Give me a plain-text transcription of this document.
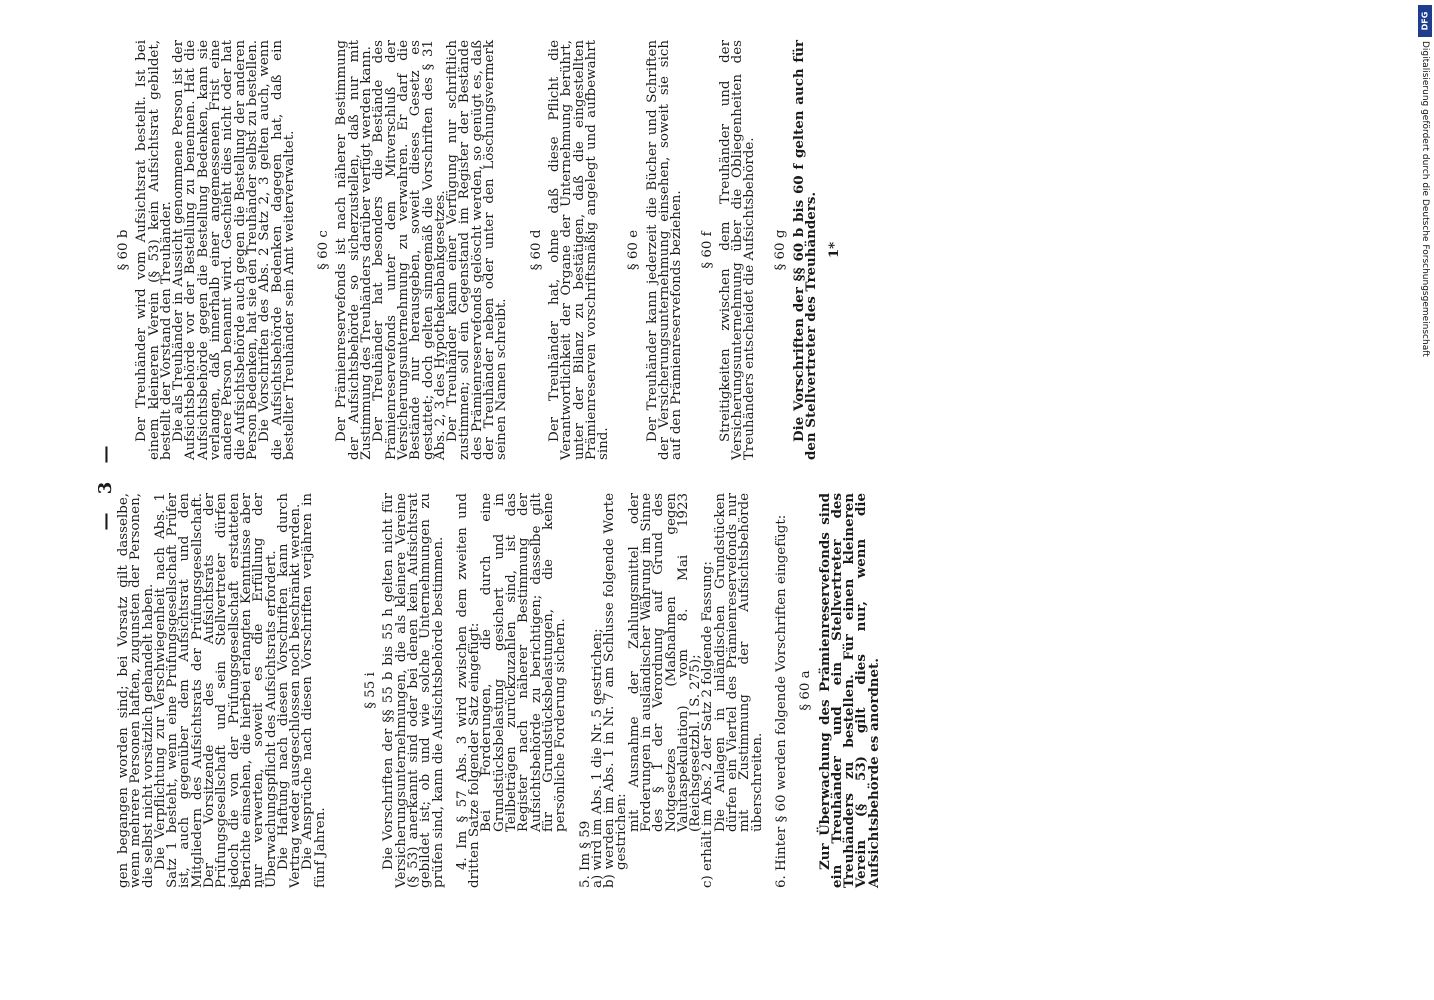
— 3 —

gen begangen worden sind; bei Vorsatz gilt dasselbe, wenn mehrere Personen haften, zugunsten der Personen, die selbst nicht vorsätzlich gehandelt haben.

Die Verpflichtung zur Verschwiegenheit nach Abs. 1 Satz 1 besteht, wenn eine Prüfungsgesellschaft Prüfer ist, auch gegenüber dem Aufsichtsrat und den Mitgliedern des Aufsichtsrats der Prüfungsgesellschaft. Der Vorsitzende des Aufsichtsrats der Prüfungsgesellschaft und sein Stellvertreter dürfen jedoch die von der Prüfungsgesellschaft erstatteten Berichte einsehen, die hierbei erlangten Kenntnisse aber nur verwerten, soweit es die Erfüllung der Überwachungspflicht des Aufsichtsrats erfordert.

Die Haftung nach diesen Vorschriften kann durch Vertrag weder ausgeschlossen noch beschränkt werden.

Die Ansprüche nach diesen Vorschriften verjähren in fünf Jahren.

§ 55 i Die Vorschriften der §§ 55 b bis 55 h gelten nicht für Versicherungsunternehmungen, die als kleinere Vereine (§ 53) anerkannt sind oder bei denen kein Aufsichtsrat gebildet ist; ob und wie solche Unternehmungen zu prüfen sind, kann die Aufsichtsbehörde bestimmen. 4. Im § 57 Abs. 3 wird zwischen dem zweiten und dritten Satze folgender Satz eingefügt:

Bei Forderungen, die durch eine Grundstücksbelastung gesichert und in Teilbeträgen zurückzuzahlen sind, ist das Register nach näherer Bestimmung der Aufsichtsbehörde zu berichtigen; dasselbe gilt für Grundstücksbelastungen, die keine persönliche Forderung sichern.

5. Im § 59

a) wird im Abs. 1 die Nr. 5 gestrichen;

b) werden im Abs. 1 in Nr. 7 am Schlusse folgende Worte gestrichen:

mit Ausnahme der Zahlungsmittel oder Forderungen in ausländischer Währung im Sinne des § 1 der Verordnung auf Grund des Notgesetzes (Maßnahmen gegen Valutaspekulation) vom 8. Mai 1923 (Reichsgesetzbl. I S. 275);

c) erhält im Abs. 2 der Satz 2 folgende Fassung:

Die Anlagen in inländischen Grundstücken dürfen ein Viertel des Prämienreservefonds nur mit Zustimmung der Aufsichtsbehörde überschreiten. 6. Hinter § 60 werden folgende Vorschriften eingefügt: § 60 a Zur Überwachung des Prämienreservefonds sind ein Treuhänder und ein Stellvertreter des Treuhänders zu bestellen. Für einen kleineren Verein (§ 53) gilt dies nur, wenn die Aufsichtsbehörde es anordnet.

§ 60 b Der Treuhänder wird vom Aufsichtsrat bestellt. Ist bei einem kleineren Verein (§ 53) kein Aufsichtsrat gebildet, bestellt der Vorstand den Treuhänder.

Die als Treuhänder in Aussicht genommene Person ist der Aufsichtsbehörde vor der Bestellung zu benennen. Hat die Aufsichtsbehörde gegen die Bestellung Bedenken, kann sie verlangen, daß innerhalb einer angemessenen Frist eine andere Person benannt wird. Geschieht dies nicht oder hat die Aufsichtsbehörde auch gegen die Bestellung der anderen Person Bedenken, hat sie den Treuhänder selbst zu bestellen.

Die Vorschriften des Abs. 2 Satz 2, 3 gelten auch, wenn die Aufsichtsbehörde Bedenken dagegen hat, daß ein bestellter Treuhänder sein Amt weiterverwaltet. § 60 c Der Prämienreservefonds ist nach näherer Bestimmung der Aufsichtsbehörde so sicherzustellen, daß nur mit Zustimmung des Treuhänders darüber verfügt werden kann.

Der Treuhänder hat besonders die Bestände des Prämienreservefonds unter dem Mitverschluß der Versicherungsunternehmung zu verwahren. Er darf die Bestände nur herausgeben, soweit dieses Gesetz es gestattet; doch gelten sinngemäß die Vorschriften des § 31 Abs. 2, 3 des Hypothekenbankgesetzes.

Der Treuhänder kann einer Verfügung nur schriftlich zustimmen; soll ein Gegenstand im Register der Bestände des Prämienreservefonds gelöscht werden, so genügt es, daß der Treuhänder neben oder unter den Löschungsvermerk seinen Namen schreibt.

§ 60 d Der Treuhänder hat, ohne daß diese Pflicht die Verantwortlichkeit der Organe der Unternehmung berührt, unter der Bilanz zu bestätigen, daß die eingestellten Prämienreserven vorschriftsmäßig angelegt und aufbewahrt sind.

§ 60 e Der Treuhänder kann jederzeit die Bücher und Schriften der Versicherungsunternehmung einsehen, soweit sie sich auf den Prämienreservefonds beziehen. § 60 f Streitigkeiten zwischen dem Treuhänder und der Versicherungsunternehmung über die Obliegenheiten des Treuhänders entscheidet die Aufsichtsbehörde. § 60 g Die Vorschriften der §§ 60 b bis 60 f gelten auch für den Stellvertreter des Treuhänders. 1*
DFG
Digitalisierung gefördert durch die Deutsche Forschungsgemeinschaft
